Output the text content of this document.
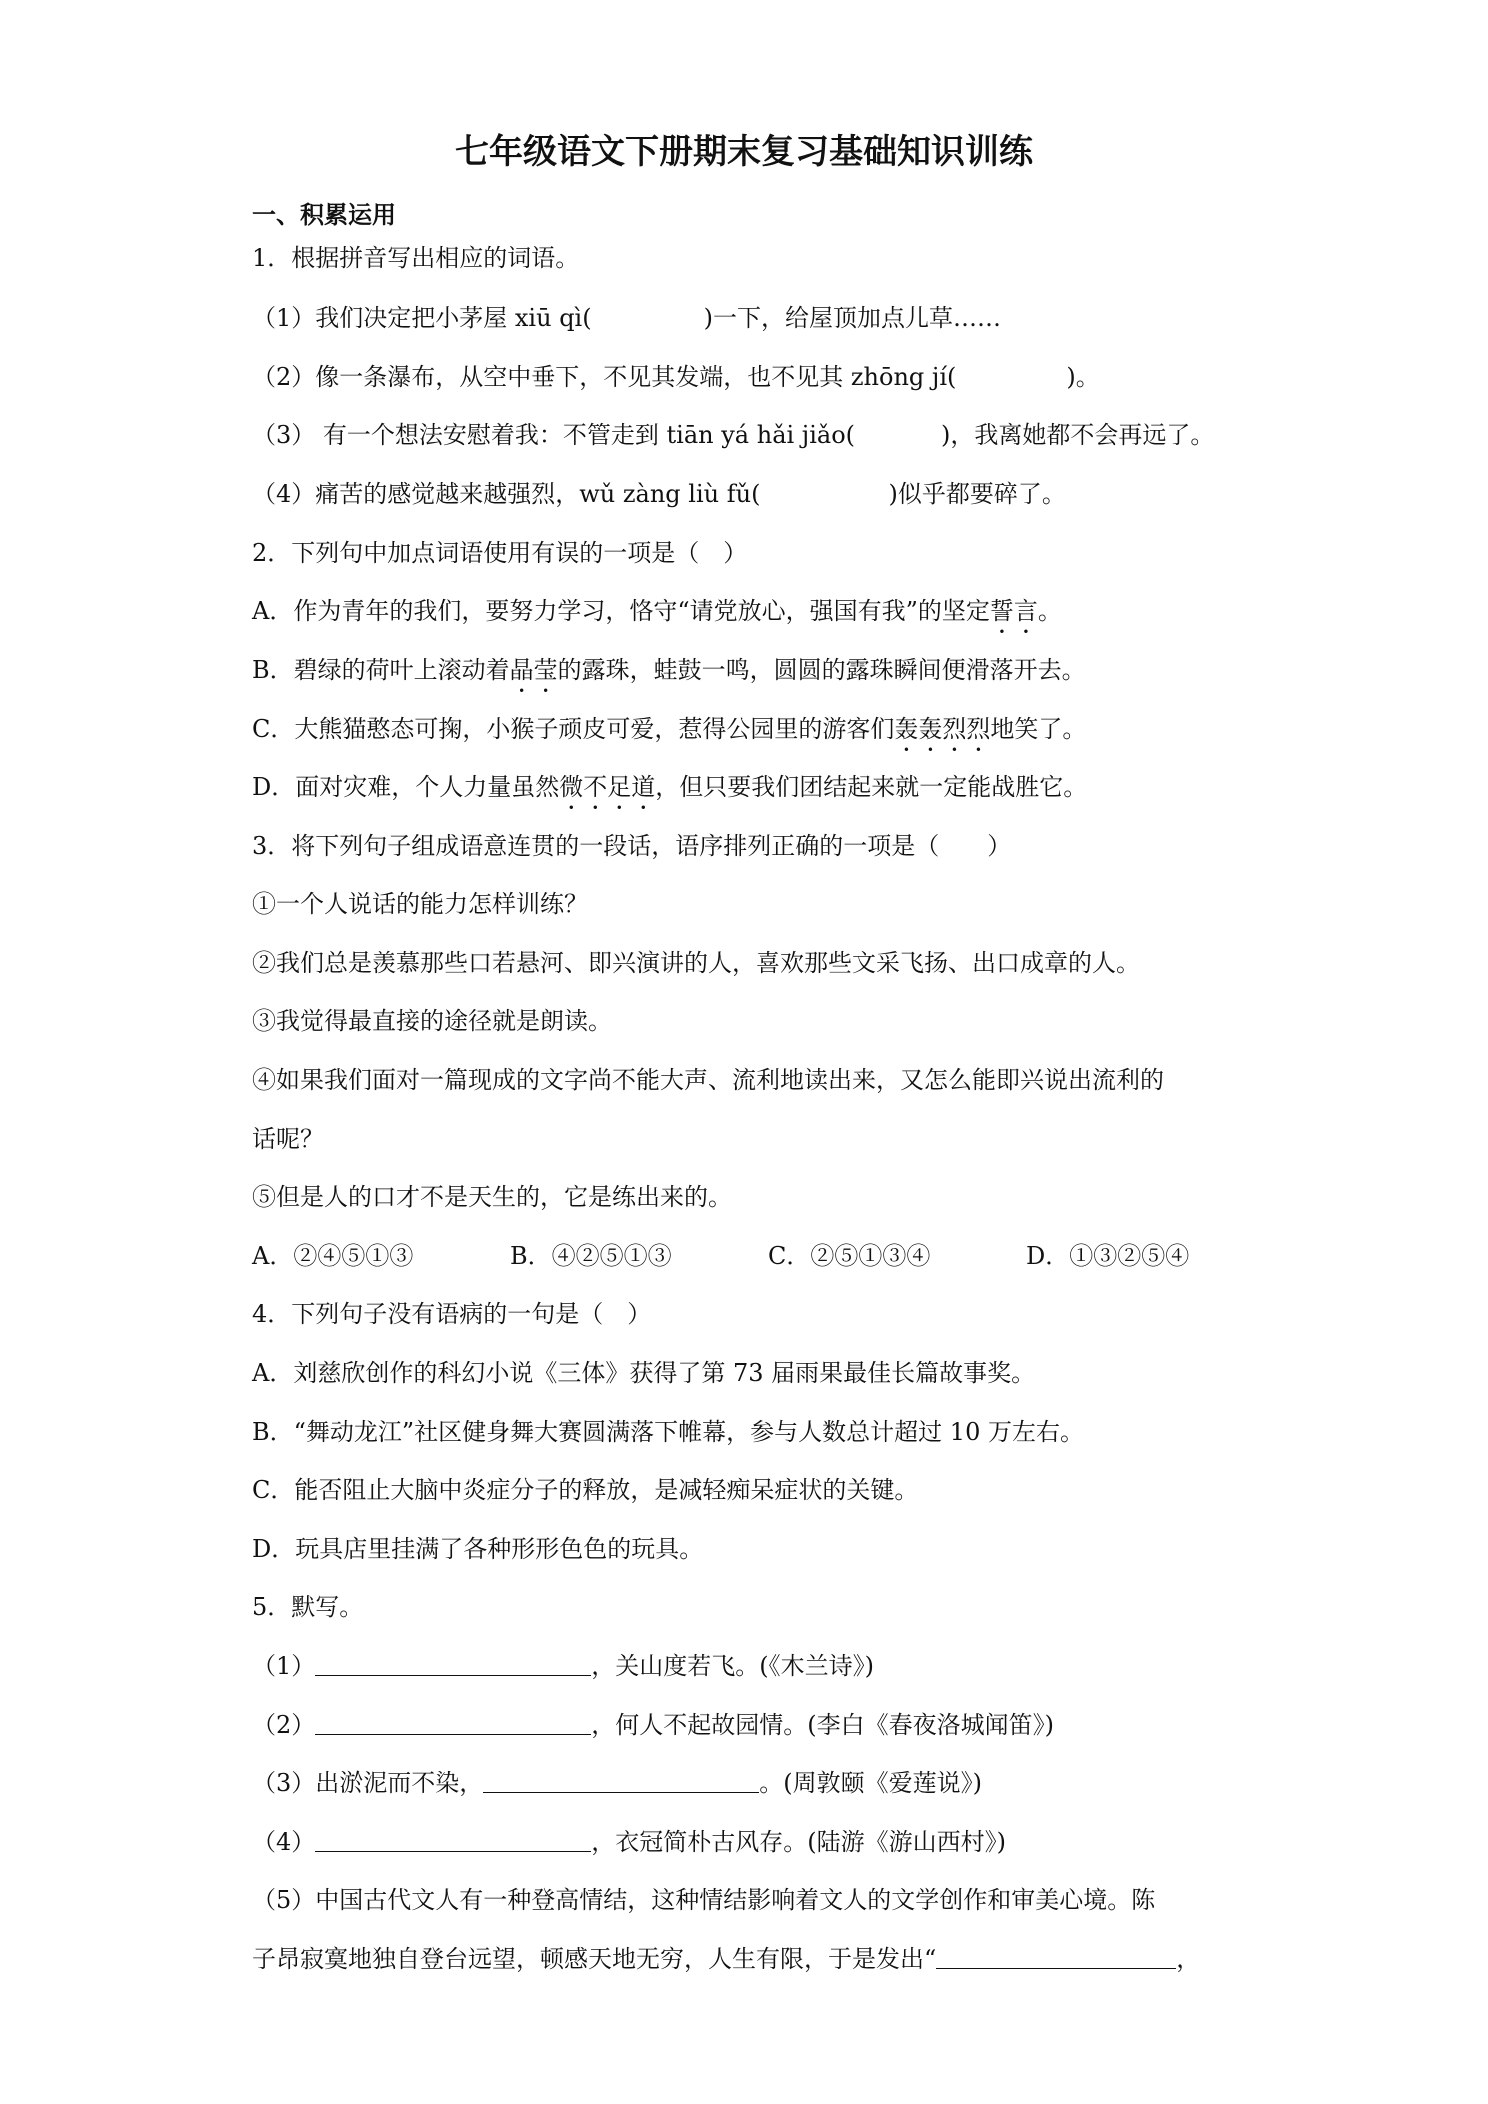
七年级语文下册期末复习基础知识训练
一、积累运用
1．根据拼音写出相应的词语。
（1）我们决定把小茅屋 xiū qì(	)一下，给屋顶加点儿草……
（2）像一条瀑布，从空中垂下，不见其发端，也不见其 zhōng jí(	)。
（3） 有一个想法安慰着我：不管走到 tiān yá hǎi jiǎo(	)，我离她都不会再远了。
（4）痛苦的感觉越来越强烈，wǔ zàng liù fǔ(	)似乎都要碎了。
2．下列句中加点词语使用有误的一项是（　）
A．作为青年的我们，要努力学习，恪守“请党放心，强国有我”的坚定誓言。
B．碧绿的荷叶上滚动着晶莹的露珠，蛙鼓一鸣，圆圆的露珠瞬间便滑落开去。
C．大熊猫憨态可掬，小猴子顽皮可爱，惹得公园里的游客们轰轰烈烈地笑了。
D．面对灾难，个人力量虽然微不足道，但只要我们团结起来就一定能战胜它。
3．将下列句子组成语意连贯的一段话，语序排列正确的一项是（　　）
①一个人说话的能力怎样训练？
②我们总是羡慕那些口若悬河、即兴演讲的人，喜欢那些文采飞扬、出口成章的人。
③我觉得最直接的途径就是朗读。
④如果我们面对一篇现成的文字尚不能大声、流利地读出来，又怎么能即兴说出流利的
话呢？
⑤但是人的口才不是天生的，它是练出来的。
A．②④⑤①③	B．④②⑤①③	C．②⑤①③④	D．①③②⑤④
4．下列句子没有语病的一句是（　）
A．刘慈欣创作的科幻小说《三体》获得了第 73 届雨果最佳长篇故事奖。
B．“舞动龙江”社区健身舞大赛圆满落下帷幕，参与人数总计超过 10 万左右。
C．能否阻止大脑中炎症分子的释放，是减轻痴呆症状的关键。
D．玩具店里挂满了各种形形色色的玩具。
5．默写。
（1）	，关山度若飞。(《木兰诗》)
（2）	，何人不起故园情。(李白《春夜洛城闻笛》)
（3）出淤泥而不染，	。(周敦颐《爱莲说》)
（4）	，衣冠简朴古风存。(陆游《游山西村》)
（5）中国古代文人有一种登高情结，这种情结影响着文人的文学创作和审美心境。陈
子昂寂寞地独自登台远望，顿感天地无穷，人生有限，于是发出“	，
